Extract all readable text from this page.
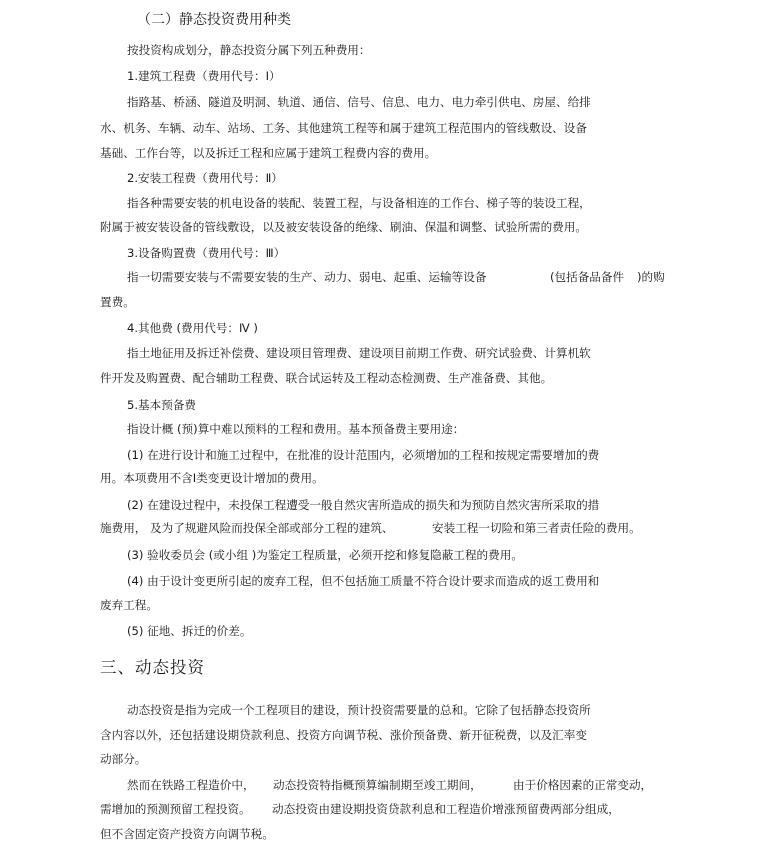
（二）静态投资费用种类
按投资构成划分，静态投资分属下列五种费用：
1.建筑工程费（费用代号：Ⅰ）
指路基、桥涵、隧道及明洞、轨道、通信、信号、信息、电力、电力牵引供电、房屋、给排
水、机务、车辆、动车、站场、工务、其他建筑工程等和属于建筑工程范围内的管线敷设、设备
基础、工作台等，以及拆迁工程和应属于建筑工程费内容的费用。
2.安装工程费（费用代号：Ⅱ）
指各种需要安装的机电设备的装配、装置工程，与设备相连的工作台、梯子等的装设工程，
附属于被安装设备的管线敷设，以及被安装设备的绝缘、刷油、保温和调整、试验所需的费用。
3.设备购置费（费用代号：Ⅲ）
指一切需要安装与不需要安装的生产、动力、弱电、起重、运输等设备	(包括备品备件 )的购
置费。
4.其他费 (费用代号：Ⅳ )
指土地征用及拆迁补偿费、建设项目管理费、建设项目前期工作费、研究试验费、计算机软
件开发及购置费、配合辅助工程费、联合试运转及工程动态检测费、生产准备费、其他。
5.基本预备费
指设计概 (预)算中难以预料的工程和费用。基本预备费主要用途：
(1) 在进行设计和施工过程中，在批准的设计范围内，必须增加的工程和按规定需要增加的费
用。本项费用不含Ⅰ类变更设计增加的费用。
(2) 在建设过程中，未投保工程遭受一般自然灾害所造成的损失和为预防自然灾害所采取的措
施费用， 及为了规避风险而投保全部或部分工程的建筑、	安装工程一切险和第三者责任险的费用。
(3) 验收委员会 (或小组 )为鉴定工程质量，必须开挖和修复隐蔽工程的费用。
(4) 由于设计变更所引起的废弃工程，但不包括施工质量不符合设计要求而造成的返工费用和
废弃工程。
(5) 征地、拆迁的价差。
三、动态投资
动态投资是指为完成一个工程项目的建设，预计投资需要量的总和。它除了包括静态投资所
含内容以外，还包括建设期贷款利息、投资方向调节税、涨价预备费、新开征税费，以及汇率变
动部分。
然而在铁路工程造价中， 动态投资特指概预算编制期至竣工期间，	由于价格因素的正常变动，
需增加的预测预留工程投资。 动态投资由建设期投资贷款利息和工程造价增涨预留费两部分组成，
但不含固定资产投资方向调节税。
